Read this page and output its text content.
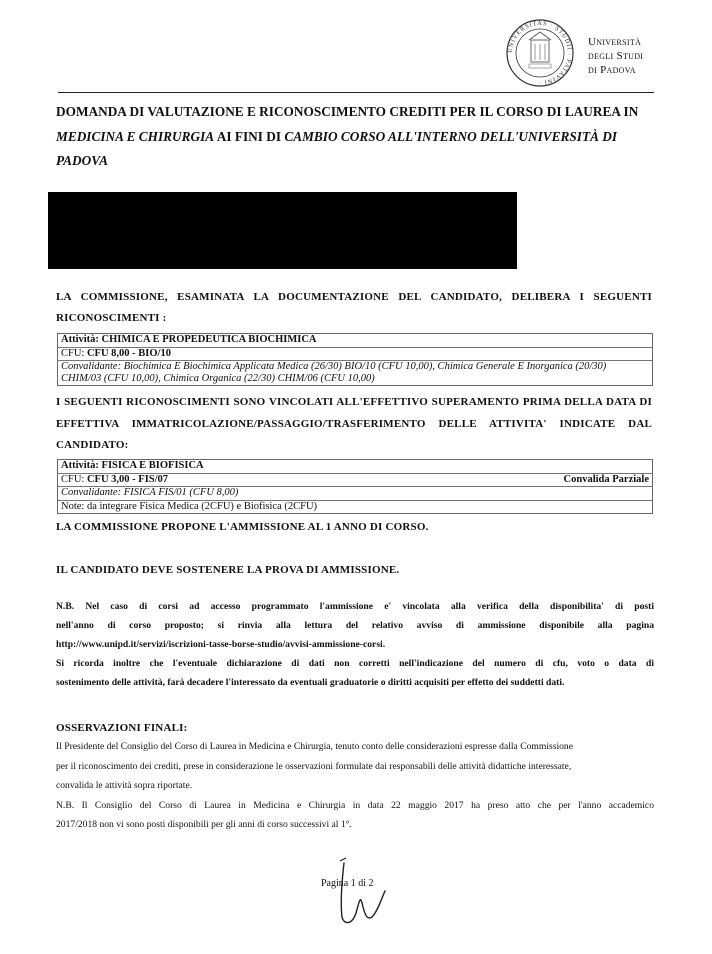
UNIVERSITAS · STUDII · PATAVINI ·
Università
degli Studi
di Padova
DOMANDA DI VALUTAZIONE E RICONOSCIMENTO CREDITI PER IL CORSO DI LAUREA IN
MEDICINA E CHIRURGIA AI FINI DI CAMBIO CORSO ALL'INTERNO DELL'UNIVERSITÀ DI
PADOVA
LA COMMISSIONE, ESAMINATA LA DOCUMENTAZIONE DEL CANDIDATO, DELIBERA I SEGUENTI
RICONOSCIMENTI :
Attività: CHIMICA E PROPEDEUTICA BIOCHIMICA
CFU: CFU 8,00 - BIO/10
Convalidante: Biochimica E Biochimica Applicata Medica (26/30) BIO/10 (CFU 10,00), Chimica Generale E Inorganica (20/30)
CHIM/03 (CFU 10,00), Chimica Organica (22/30) CHIM/06 (CFU 10,00)
I SEGUENTI RICONOSCIMENTI SONO VINCOLATI ALL'EFFETTIVO SUPERAMENTO PRIMA DELLA DATA DI
EFFETTIVA IMMATRICOLAZIONE/PASSAGGIO/TRASFERIMENTO DELLE ATTIVITA' INDICATE DAL
CANDIDATO:
Attività: FISICA E BIOFISICA
CFU: CFU 3,00 - FIS/07	Convalida Parziale
Convalidante: FISICA FIS/01 (CFU 8,00)
Note: da integrare Fisica Medica (2CFU) e Biofisica (2CFU)
LA COMMISSIONE PROPONE L'AMMISSIONE AL 1 ANNO DI CORSO.
IL CANDIDATO DEVE SOSTENERE LA PROVA DI AMMISSIONE.
N.B. Nel caso di corsi ad accesso programmato l'ammissione e' vincolata alla verifica della disponibilita' di posti
nell'anno di corso proposto; si rinvia alla lettura del relativo avviso di ammissione disponibile alla pagina
http://www.unipd.it/servizi/iscrizioni-tasse-borse-studio/avvisi-ammissione-corsi.
Si ricorda inoltre che l'eventuale dichiarazione di dati non corretti nell'indicazione del numero di cfu, voto o data di
sostenimento delle attività, farà decadere l'interessato da eventuali graduatorie o diritti acquisiti per effetto dei suddetti dati.
OSSERVAZIONI FINALI:
Il Presidente del Consiglio del Corso di Laurea in Medicina e Chirurgia, tenuto conto delle considerazioni espresse dalla Commissione
per il riconoscimento dei crediti, prese in considerazione le osservazioni formulate dai responsabili delle attività didattiche interessate,
convalida le attività sopra riportate.
N.B. Il Consiglio del Corso di Laurea in Medicina e Chirurgia in data 22 maggio 2017 ha preso atto che per l'anno accademico
2017/2018 non vi sono posti disponibili per gli anni di corso successivi al 1°.
Pagina 1 di 2
